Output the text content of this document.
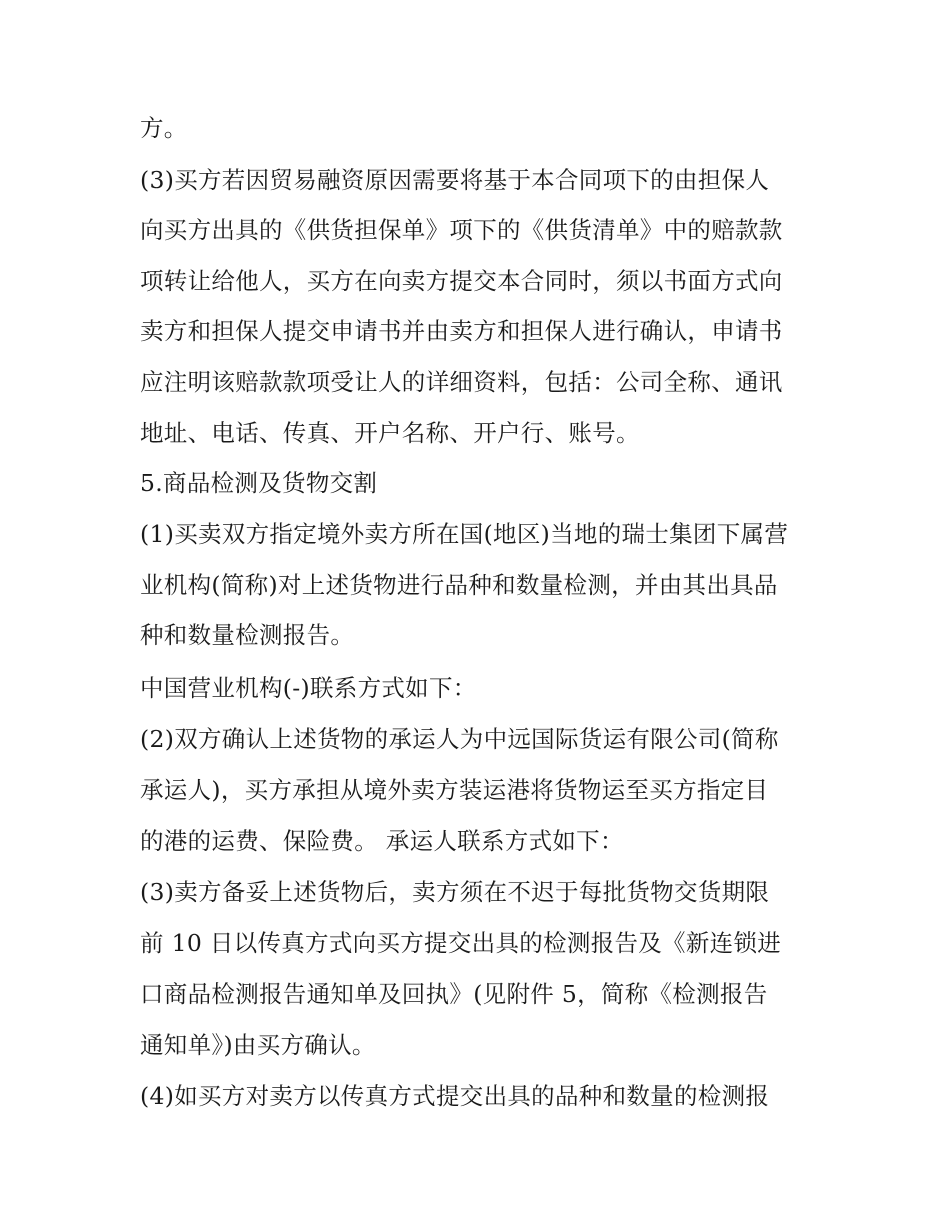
方。
(3)买方若因贸易融资原因需要将基于本合同项下的由担保人
向买方出具的《供货担保单》项下的《供货清单》中的赔款款
项转让给他人，买方在向卖方提交本合同时，须以书面方式向
卖方和担保人提交申请书并由卖方和担保人进行确认，申请书
应注明该赔款款项受让人的详细资料，包括：公司全称、通讯
地址、电话、传真、开户名称、开户行、账号。
5.商品检测及货物交割
(1)买卖双方指定境外卖方所在国(地区)当地的瑞士集团下属营
业机构(简称)对上述货物进行品种和数量检测，并由其出具品
种和数量检测报告。
中国营业机构(-)联系方式如下：
(2)双方确认上述货物的承运人为中远国际货运有限公司(简称
承运人)，买方承担从境外卖方装运港将货物运至买方指定目
的港的运费、保险费。 承运人联系方式如下：
(3)卖方备妥上述货物后，卖方须在不迟于每批货物交货期限
前 10 日以传真方式向买方提交出具的检测报告及《新连锁进
口商品检测报告通知单及回执》(见附件 5，简称《检测报告
通知单》)由买方确认。
(4)如买方对卖方以传真方式提交出具的品种和数量的检测报
